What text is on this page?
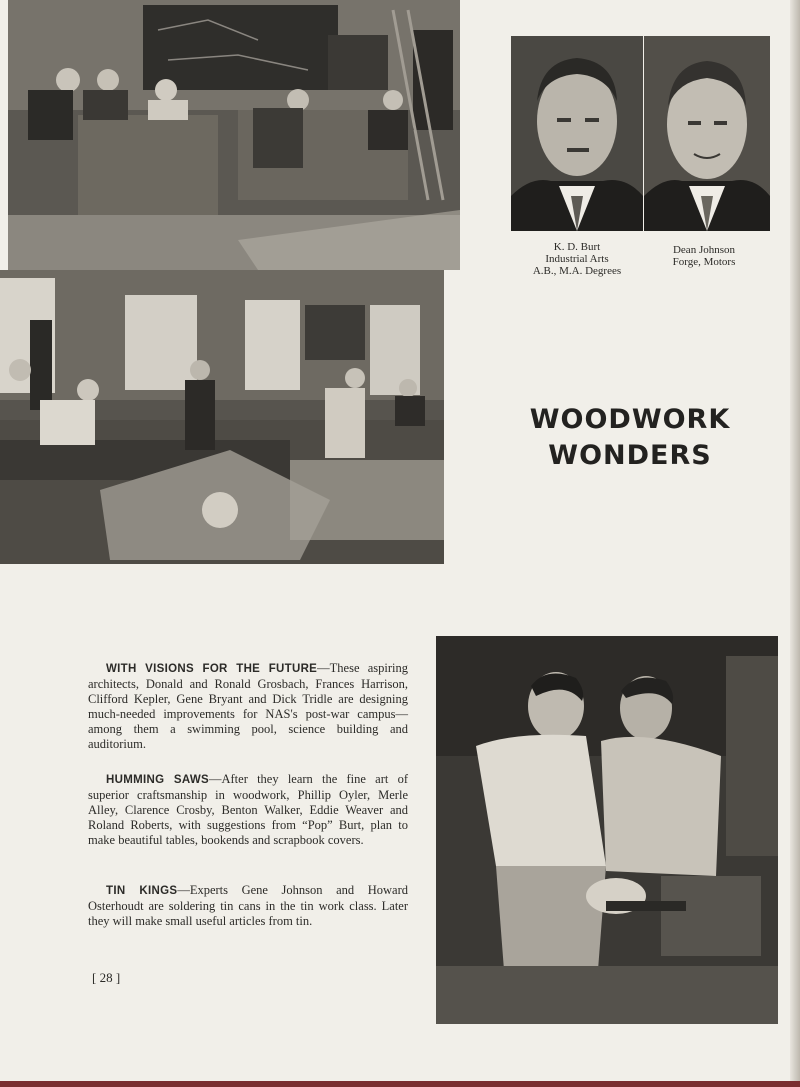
K. D. Burt
Industrial Arts
A.B., M.A. Degrees
Dean Johnson
Forge, Motors
WOODWORK
WONDERS

WITH VISIONS FOR THE FUTURE—These aspiring architects, Donald and Ronald Grosbach, Frances Harrison, Clifford Kepler, Gene Bryant and Dick Tridle are designing much-needed improvements for NAS's post-war campus—among them a swimming pool, science building and auditorium.

HUMMING SAWS—After they learn the fine art of superior craftsmanship in woodwork, Phillip Oyler, Merle Alley, Clarence Crosby, Benton Walker, Eddie Weaver and Roland Roberts, with suggestions from “Pop” Burt, plan to make beautiful tables, bookends and scrapbook covers.

TIN KINGS—Experts Gene Johnson and Howard Osterhoudt are soldering tin cans in the tin work class. Later they will make small useful articles from tin.

[ 28 ]
